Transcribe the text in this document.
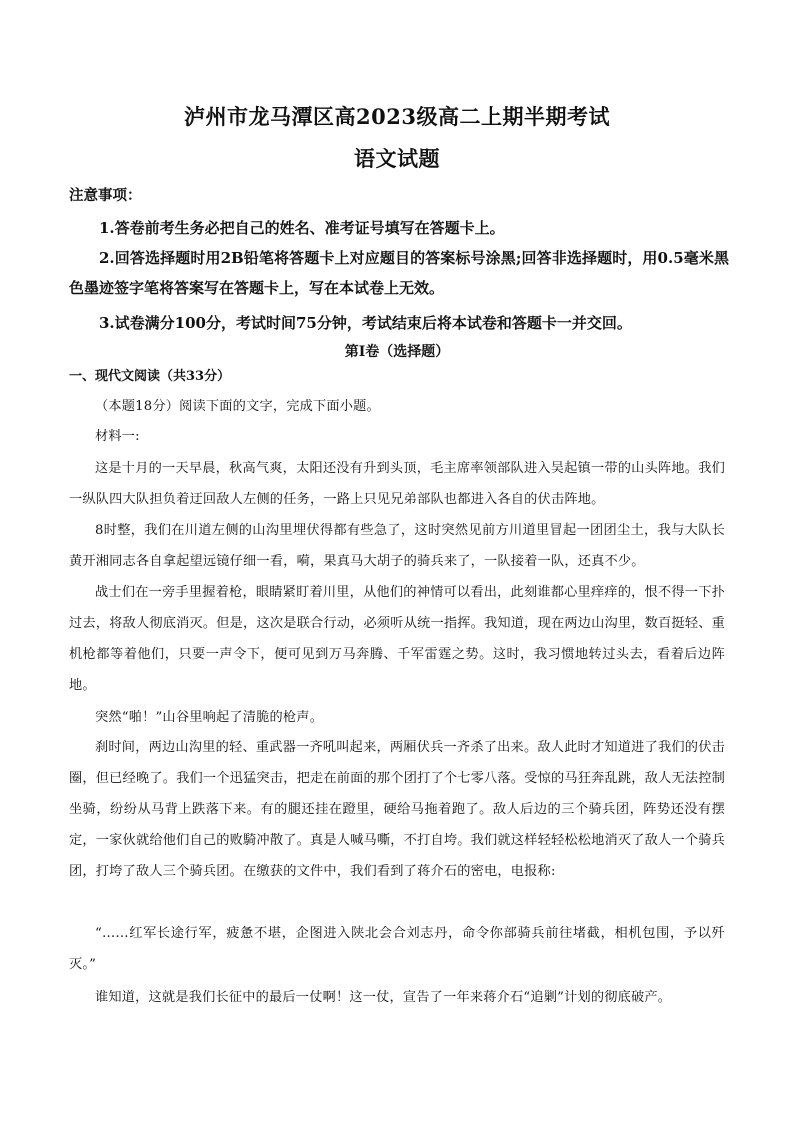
泸州市龙马潭区高2023级高二上期半期考试
语文试题
注意事项：
1.答卷前考生务必把自己的姓名、准考证号填写在答题卡上。
2.回答选择题时用2B铅笔将答题卡上对应题目的答案标号涂黑;回答非选择题时，用0.5毫米黑色墨迹签字笔将答案写在答题卡上，写在本试卷上无效。
3.试卷满分100分，考试时间75分钟，考试结束后将本试卷和答题卡一并交回。
第Ⅰ卷（选择题）
一、现代文阅读（共33分）
（本题18分）阅读下面的文字，完成下面小题。
材料一:
这是十月的一天早晨，秋高气爽，太阳还没有升到头顶，毛主席率领部队进入吴起镇一带的山头阵地。我们一纵队四大队担负着迂回敌人左侧的任务，一路上只见兄弟部队也都进入各自的伏击阵地。
8时整，我们在川道左侧的山沟里埋伏得都有些急了，这时突然见前方川道里冒起一团团尘土，我与大队长黄开湘同志各自拿起望远镜仔细一看，嗬，果真马大胡子的骑兵来了，一队接着一队，还真不少。
战士们在一旁手里握着枪，眼睛紧盯着川里，从他们的神情可以看出，此刻谁都心里痒痒的，恨不得一下扑过去，将敌人彻底消灭。但是，这次是联合行动，必须听从统一指挥。我知道，现在两边山沟里，数百挺轻、重机枪都等着他们，只要一声令下，便可见到万马奔腾、千军雷霆之势。这时，我习惯地转过头去，看着后边阵地。
突然“啪！”山谷里响起了清脆的枪声。
刹时间，两边山沟里的轻、重武器一齐吼叫起来，两厢伏兵一齐杀了出来。敌人此时才知道进了我们的伏击圈，但已经晚了。我们一个迅猛突击，把走在前面的那个团打了个七零八落。受惊的马狂奔乱跳，敌人无法控制坐骑，纷纷从马背上跌落下来。有的腿还挂在蹬里，硬给马拖着跑了。敌人后边的三个骑兵团，阵势还没有摆定，一家伙就给他们自己的败騎冲散了。真是人喊马嘶，不打自垮。我们就这样轻轻松松地消灭了敌人一个骑兵团，打垮了敌人三个骑兵团。在缴获的文件中，我们看到了蒋介石的密电，电报称:
“……红军长途行军，疲惫不堪，企图进入陕北会合刘志丹，命令你部骑兵前往堵截，相机包围，予以歼灭。”
谁知道，这就是我们长征中的最后一仗啊！这一仗，宣告了一年来蒋介石“追剿”计划的彻底破产。
